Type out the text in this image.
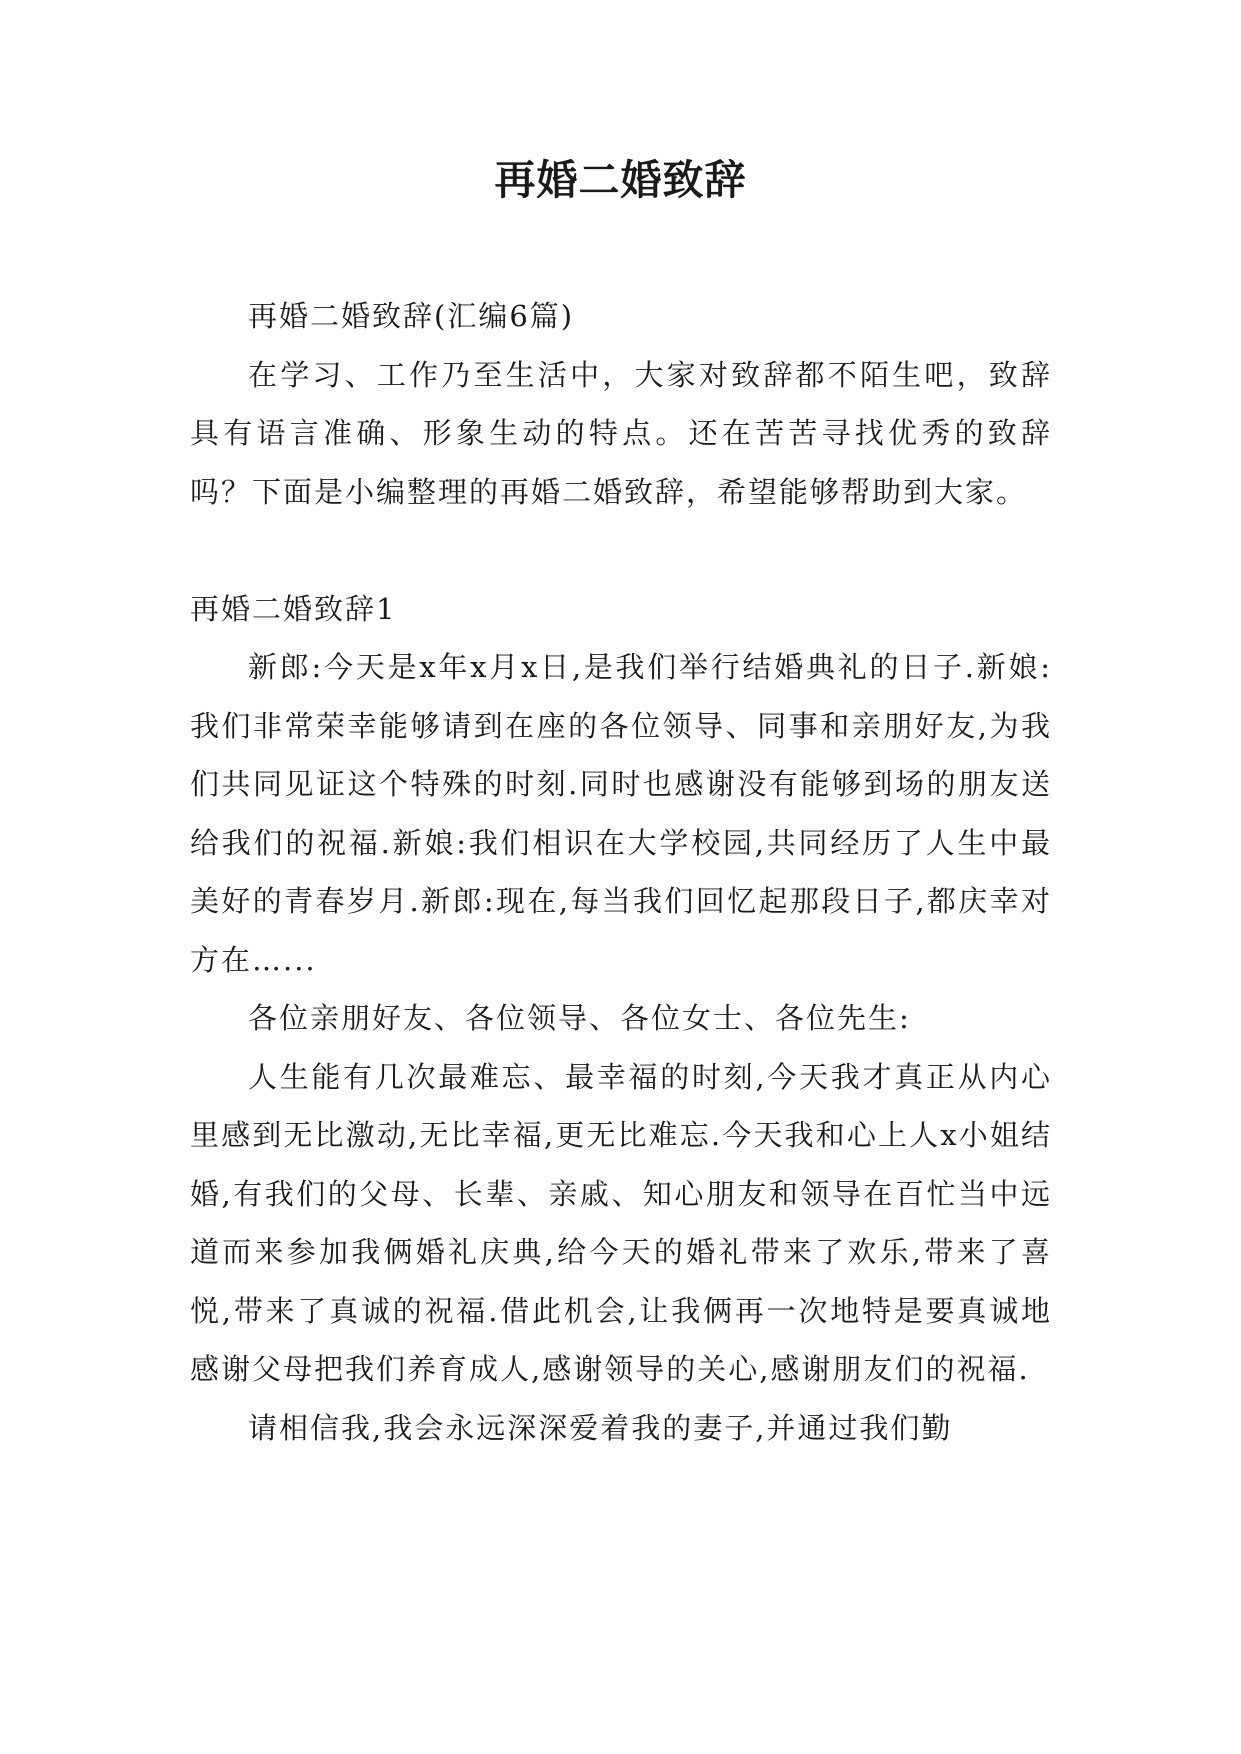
再婚二婚致辞

再婚二婚致辞(汇编6篇)

在学习、工作乃至生活中，大家对致辞都不陌生吧，致辞具有语言准确、形象生动的特点。还在苦苦寻找优秀的致辞吗？下面是小编整理的再婚二婚致辞，希望能够帮助到大家。

再婚二婚致辞1

新郎:今天是x年x月x日,是我们举行结婚典礼的日子.新娘:我们非常荣幸能够请到在座的各位领导、同事和亲朋好友,为我们共同见证这个特殊的时刻.同时也感谢没有能够到场的朋友送给我们的祝福.新娘:我们相识在大学校园,共同经历了人生中最美好的青春岁月.新郎:现在,每当我们回忆起那段日子,都庆幸对方在…...

各位亲朋好友、各位领导、各位女士、各位先生:

人生能有几次最难忘、最幸福的时刻,今天我才真正从内心里感到无比激动,无比幸福,更无比难忘.今天我和心上人x小姐结婚,有我们的父母、长辈、亲戚、知心朋友和领导在百忙当中远道而来参加我俩婚礼庆典,给今天的婚礼带来了欢乐,带来了喜悦,带来了真诚的祝福.借此机会,让我俩再一次地特是要真诚地感谢父母把我们养育成人,感谢领导的关心,感谢朋友们的祝福.

请相信我,我会永远深深爱着我的妻子,并通过我们勤
